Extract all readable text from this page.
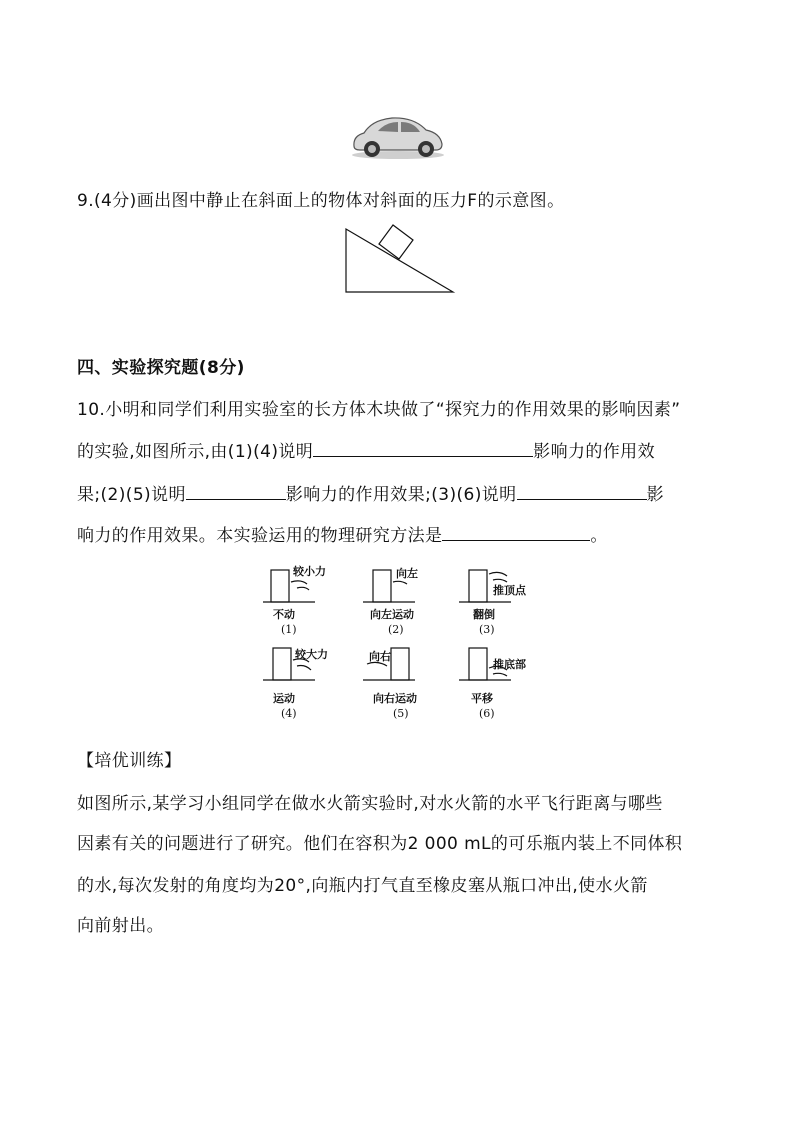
9.(4分)画出图中静止在斜面上的物体对斜面的压力F的示意图。
四、实验探究题(8分)
10.小明和同学们利用实验室的长方体木块做了“探究力的作用效果的影响因素”
的实验,如图所示,由(1)(4)说明	影响力的作用效
果;(2)(5)说明	影响力的作用效果;(3)(6)说明	影
响力的作用效果。本实验运用的物理研究方法是	。
较小力
不动
(1)
向左
向左运动
(2)
推顶点
翻倒
(3)
较大力
运动
(4)
向右
向右运动
(5)
推底部
平移
(6)
【培优训练】
如图所示,某学习小组同学在做水火箭实验时,对水火箭的水平飞行距离与哪些
因素有关的问题进行了研究。他们在容积为2 000 mL的可乐瓶内装上不同体积
的水,每次发射的角度均为20°,向瓶内打气直至橡皮塞从瓶口冲出,使水火箭
向前射出。
